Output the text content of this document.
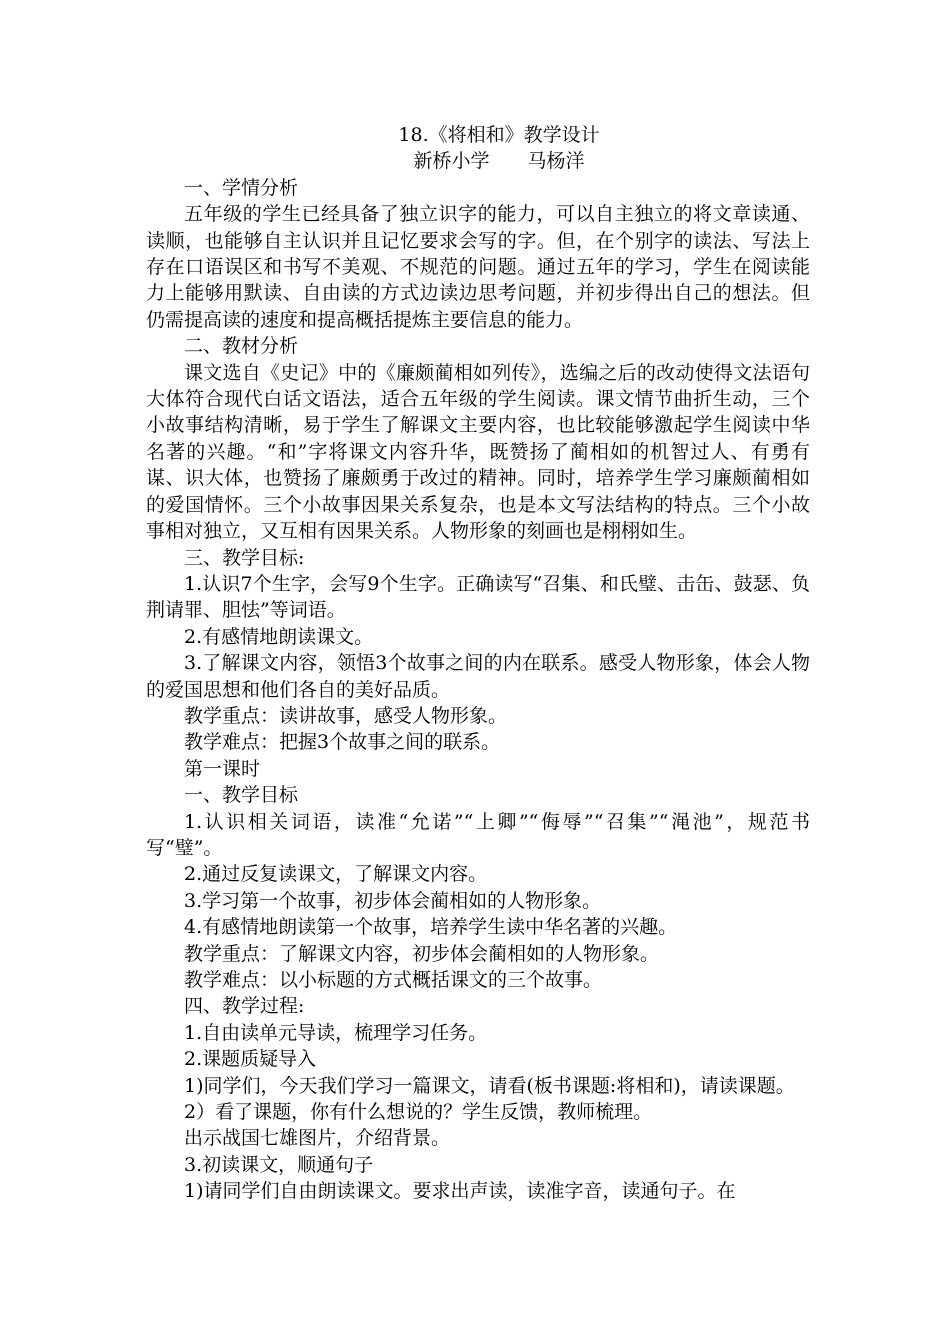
18.《将相和》教学设计
新桥小学　　马杨洋
一、学情分析
五年级的学生已经具备了独立识字的能力，可以自主独立的将文章读通、读顺，也能够自主认识并且记忆要求会写的字。但，在个别字的读法、写法上存在口语误区和书写不美观、不规范的问题。通过五年的学习，学生在阅读能力上能够用默读、自由读的方式边读边思考问题，并初步得出自己的想法。但仍需提高读的速度和提高概括提炼主要信息的能力。
二、教材分析
课文选自《史记》中的《廉颇蔺相如列传》，选编之后的改动使得文法语句大体符合现代白话文语法，适合五年级的学生阅读。课文情节曲折生动，三个小故事结构清晰，易于学生了解课文主要内容，也比较能够激起学生阅读中华名著的兴趣。“和”字将课文内容升华，既赞扬了蔺相如的机智过人、有勇有谋、识大体，也赞扬了廉颇勇于改过的精神。同时，培养学生学习廉颇蔺相如的爱国情怀。三个小故事因果关系复杂，也是本文写法结构的特点。三个小故事相对独立，又互相有因果关系。人物形象的刻画也是栩栩如生。
三、教学目标:
1.认识7个生字，会写9个生字。正确读写“召集、和氏璧、击缶、鼓瑟、负荆请罪、胆怯”等词语。
2.有感情地朗读课文。
3.了解课文内容，领悟3个故事之间的内在联系。感受人物形象，体会人物的爱国思想和他们各自的美好品质。
教学重点：读讲故事，感受人物形象。
教学难点：把握3个故事之间的联系。
第一课时
一、教学目标
1.认识相关词语，读准“允诺”“上卿”“侮辱”“召集”“渑池”，规范书写“璧”。
2.通过反复读课文，了解课文内容。
3.学习第一个故事，初步体会蔺相如的人物形象。
4.有感情地朗读第一个故事，培养学生读中华名著的兴趣。
教学重点：了解课文内容，初步体会蔺相如的人物形象。
教学难点：以小标题的方式概括课文的三个故事。
四、教学过程:
1.自由读单元导读，梳理学习任务。
2.课题质疑导入
1)同学们，今天我们学习一篇课文，请看(板书课题:将相和)，请读课题。
2）看了课题，你有什么想说的？学生反馈，教师梳理。
出示战国七雄图片，介绍背景。
3.初读课文，顺通句子
1)请同学们自由朗读课文。要求出声读，读准字音，读通句子。在
